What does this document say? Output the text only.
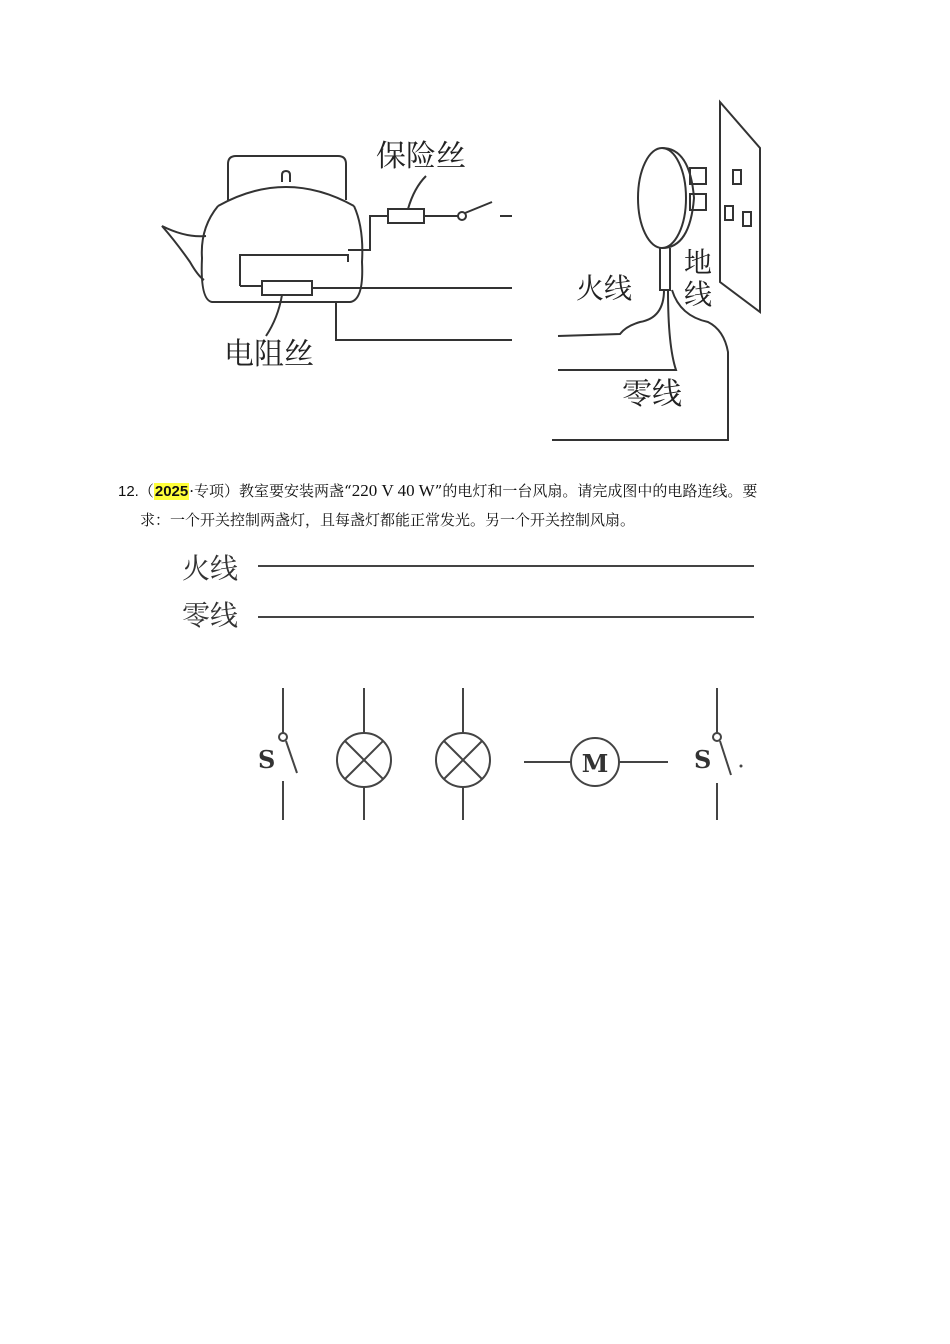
保险丝
电阻丝
火线
地
线
零线
12.（2025·专项）教室要安装两盏“220 V 40 W”的电灯和一台风扇。请完成图中的电路连线。要
求：一个开关控制两盏灯，且每盏灯都能正常发光。另一个开关控制风扇。
火线
零线
S	S
M
